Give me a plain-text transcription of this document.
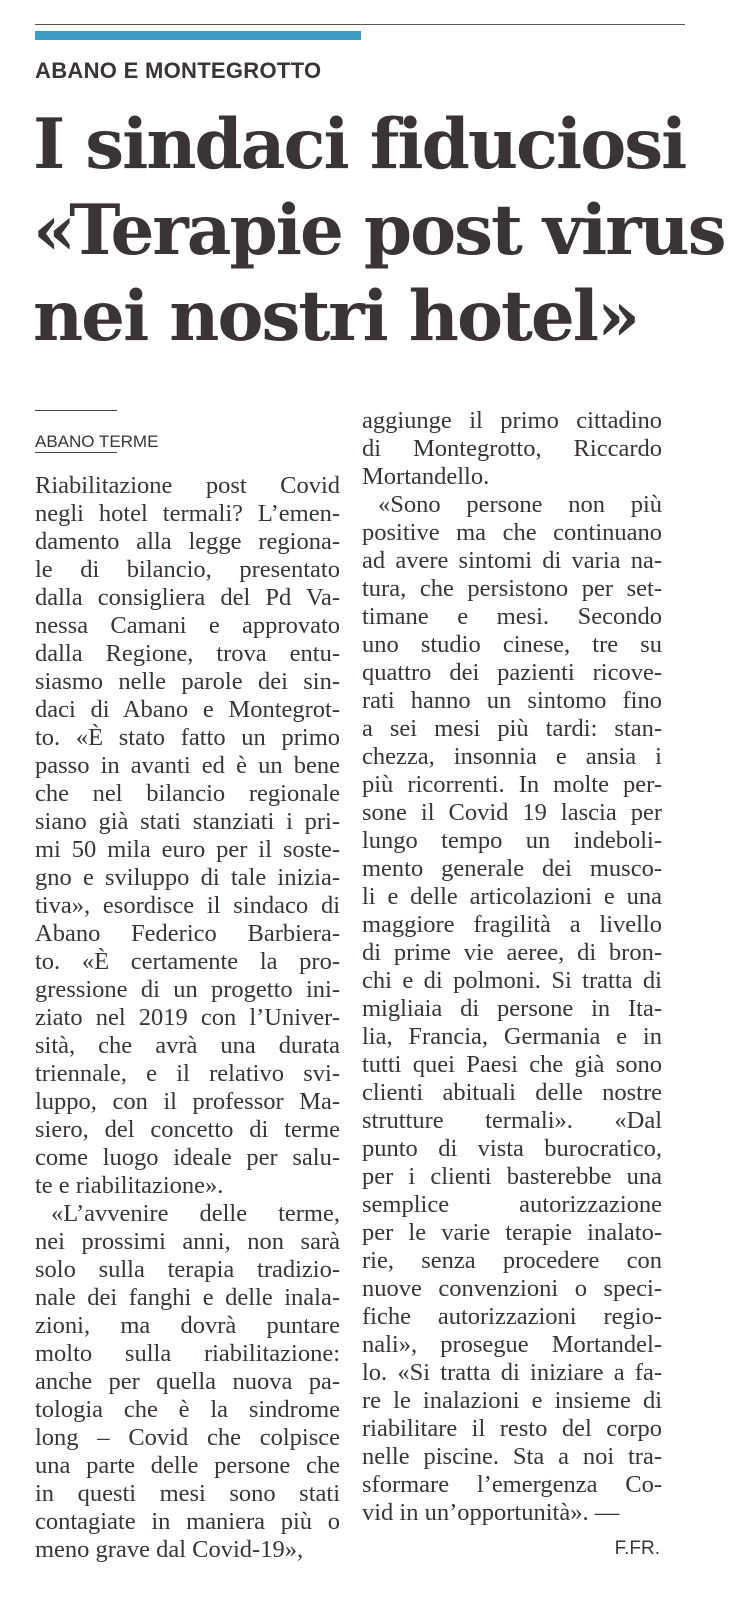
ABANO E MONTEGROTTO
I sindaci fiduciosi
«Terapie post virus
nei nostri hotel»
ABANO TERME
Riabilitazione post Covid
negli hotel termali? L’emen-
damento alla legge regiona-
le di bilancio, presentato
dalla consigliera del Pd Va-
nessa Camani e approvato
dalla Regione, trova entu-
siasmo nelle parole dei sin-
daci di Abano e Montegrot-
to. «È stato fatto un primo
passo in avanti ed è un bene
che nel bilancio regionale
siano già stati stanziati i pri-
mi 50 mila euro per il soste-
gno e sviluppo di tale inizia-
tiva», esordisce il sindaco di
Abano Federico Barbiera-
to. «È certamente la pro-
gressione di un progetto ini-
ziato nel 2019 con l’Univer-
sità, che avrà una durata
triennale, e il relativo svi-
luppo, con il professor Ma-
siero, del concetto di terme
come luogo ideale per salu-
te e riabilitazione».
«L’avvenire delle terme,
nei prossimi anni, non sarà
solo sulla terapia tradizio-
nale dei fanghi e delle inala-
zioni, ma dovrà puntare
molto sulla riabilitazione:
anche per quella nuova pa-
tologia che è la sindrome
long – Covid che colpisce
una parte delle persone che
in questi mesi sono stati
contagiate in maniera più o
meno grave dal Covid-19»,
aggiunge il primo cittadino
di Montegrotto, Riccardo
Mortandello.
«Sono persone non più
positive ma che continuano
ad avere sintomi di varia na-
tura, che persistono per set-
timane e mesi. Secondo
uno studio cinese, tre su
quattro dei pazienti ricove-
rati hanno un sintomo fino
a sei mesi più tardi: stan-
chezza, insonnia e ansia i
più ricorrenti. In molte per-
sone il Covid 19 lascia per
lungo tempo un indeboli-
mento generale dei musco-
li e delle articolazioni e una
maggiore fragilità a livello
di prime vie aeree, di bron-
chi e di polmoni. Si tratta di
migliaia di persone in Ita-
lia, Francia, Germania e in
tutti quei Paesi che già sono
clienti abituali delle nostre
strutture termali». «Dal
punto di vista burocratico,
per i clienti basterebbe una
semplice autorizzazione
per le varie terapie inalato-
rie, senza procedere con
nuove convenzioni o speci-
fiche autorizzazioni regio-
nali», prosegue Mortandel-
lo. «Si tratta di iniziare a fa-
re le inalazioni e insieme di
riabilitare il resto del corpo
nelle piscine. Sta a noi tra-
sformare l’emergenza Co-
vid in un’opportunità». —
F.FR.
